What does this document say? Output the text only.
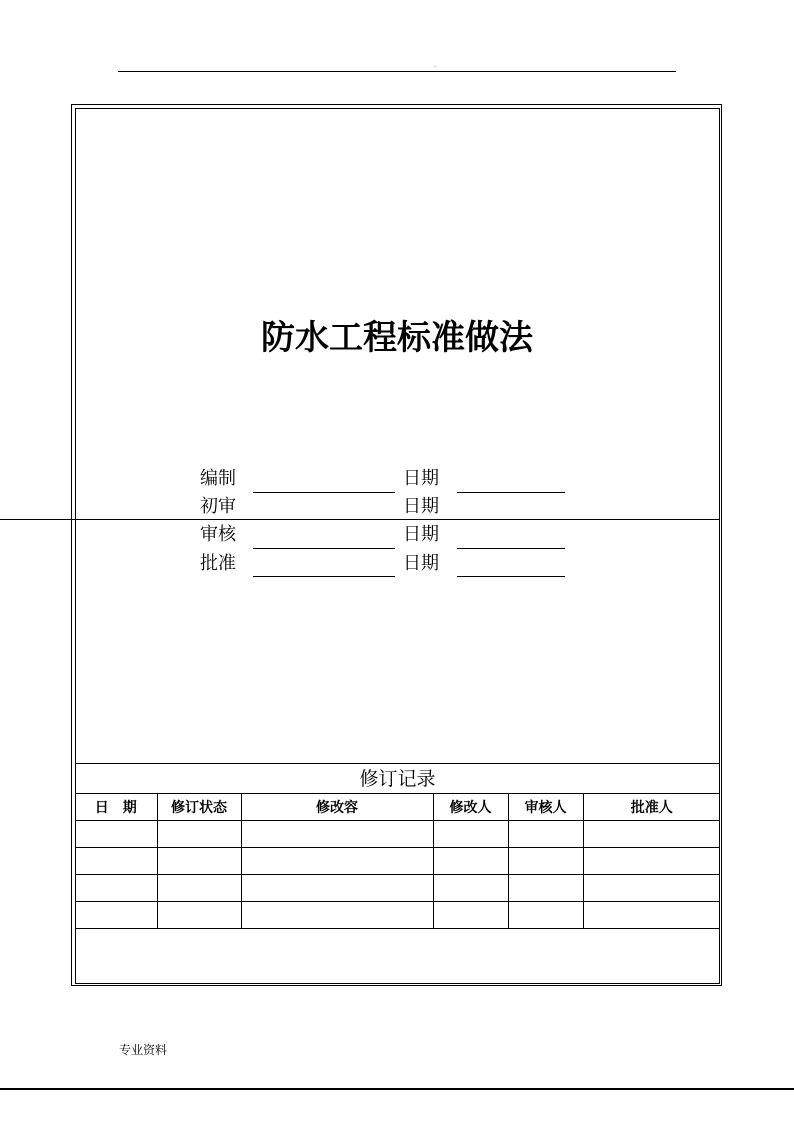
.
防水工程标准做法
编制	日期
初审	日期
审核	日期
批准	日期
修订记录
日　期	修订状态	修改容	修改人	审核人	批准人

专业资料
